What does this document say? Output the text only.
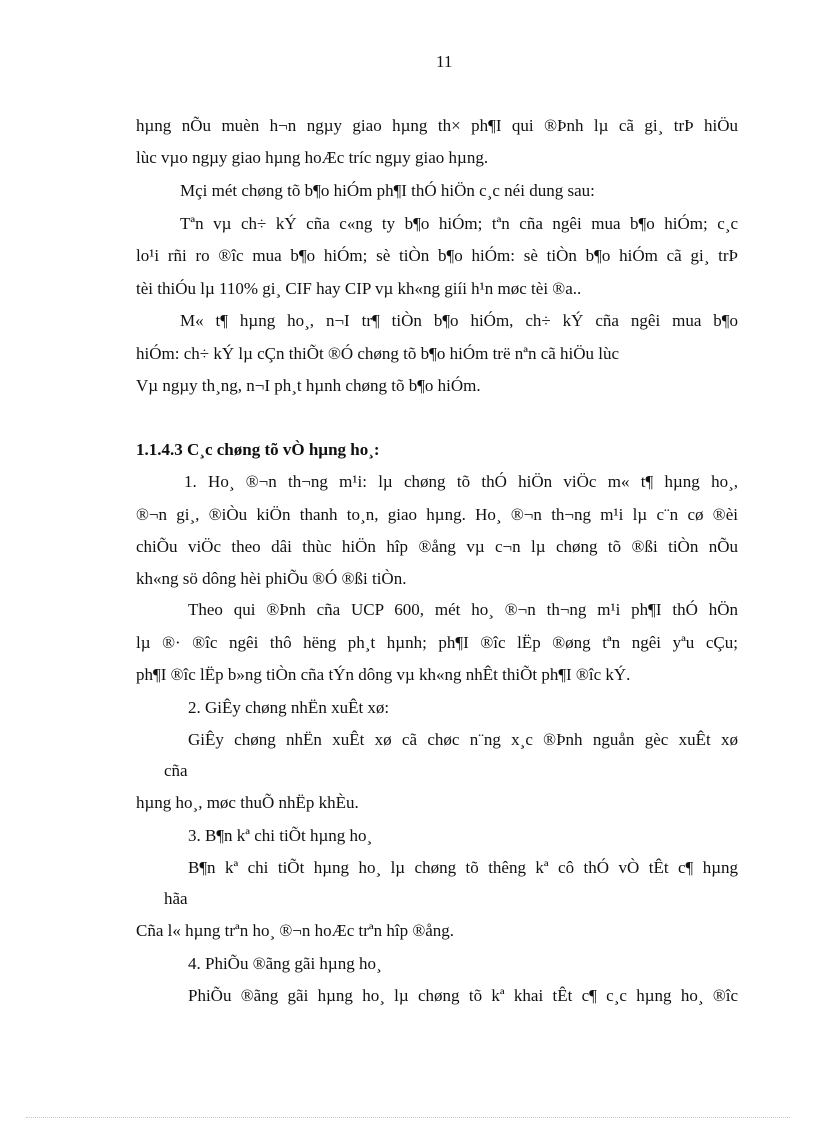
11
hµng nÕu muèn h¬n ngµy giao hµng th× ph¶I qui ®Þnh lµ cã gi¸ trÞ hiÖu
lùc vµo ngµy giao hµng hoÆc tríc ngµy giao hµng.
Mçi mét chøng tõ b¶o hiÓm ph¶I thÓ hiÖn c¸c néi dung sau:
Tªn vµ ch÷ kÝ cña c«ng ty b¶o hiÓm; tªn cña ngêi mua b¶o hiÓm; c¸c
lo¹i rñi ro ®îc mua b¶o hiÓm; sè tiÒn b¶o hiÓm: sè tiÒn b¶o hiÓm cã gi¸ trÞ
tèi thiÓu lµ 110% gi¸ CIF hay CIP vµ kh«ng giíi h¹n møc tèi ®a..
M« t¶ hµng ho¸, n¬I tr¶ tiÒn b¶o hiÓm, ch÷ kÝ cña ngêi mua b¶o
hiÓm: ch÷ kÝ lµ cÇn thiÕt ®Ó chøng tõ b¶o hiÓm trë nªn cã hiÖu lùc
Vµ ngµy th¸ng, n¬I ph¸t hµnh chøng tõ b¶o hiÓm.
1.1.4.3 C¸c chøng tõ vÒ hµng ho¸:
1. Ho¸ ®¬n th¬ng m¹i: lµ chøng tõ thÓ hiÖn viÖc m« t¶ hµng ho¸,
®¬n gi¸, ®iÒu kiÖn thanh to¸n, giao hµng. Ho¸ ®¬n th¬ng m¹i lµ c¨n cø ®èi
chiÕu viÖc theo dâi thùc hiÖn hîp ®ång vµ c¬n lµ chøng tõ ®ßi tiÒn nÕu
kh«ng sö dông hèi phiÕu ®Ó ®ßi tiÒn.
Theo qui ®Þnh cña UCP 600, mét ho¸ ®¬n th¬ng m¹i ph¶I thÓ hÖn
lµ ®· ®îc ngêi thô hëng ph¸t hµnh; ph¶I ®îc lËp ®øng tªn ngêi yªu cÇu;
ph¶I ®îc lËp b»ng tiÒn cña tÝn dông vµ kh«ng nhÊt thiÕt ph¶I ®îc kÝ.
2. GiÊy chøng nhËn xuÊt xø:
GiÊy chøng nhËn xuÊt xø cã chøc n¨ng x¸c ®Þnh nguån gèc xuÊt xø
cña
hµng ho¸, møc thuÕ nhËp khÈu.
3. B¶n kª chi tiÕt hµng ho¸
B¶n kª chi tiÕt hµng ho¸ lµ chøng tõ thêng kª cô thÓ vÒ tÊt c¶ hµng
hãa
Cña l« hµng trªn ho¸ ®¬n hoÆc trªn hîp ®ång.
4. PhiÕu ®ãng gãi hµng ho¸
PhiÕu ®ãng gãi hµng ho¸ lµ chøng tõ kª khai tÊt c¶ c¸c hµng ho¸ ®îc
